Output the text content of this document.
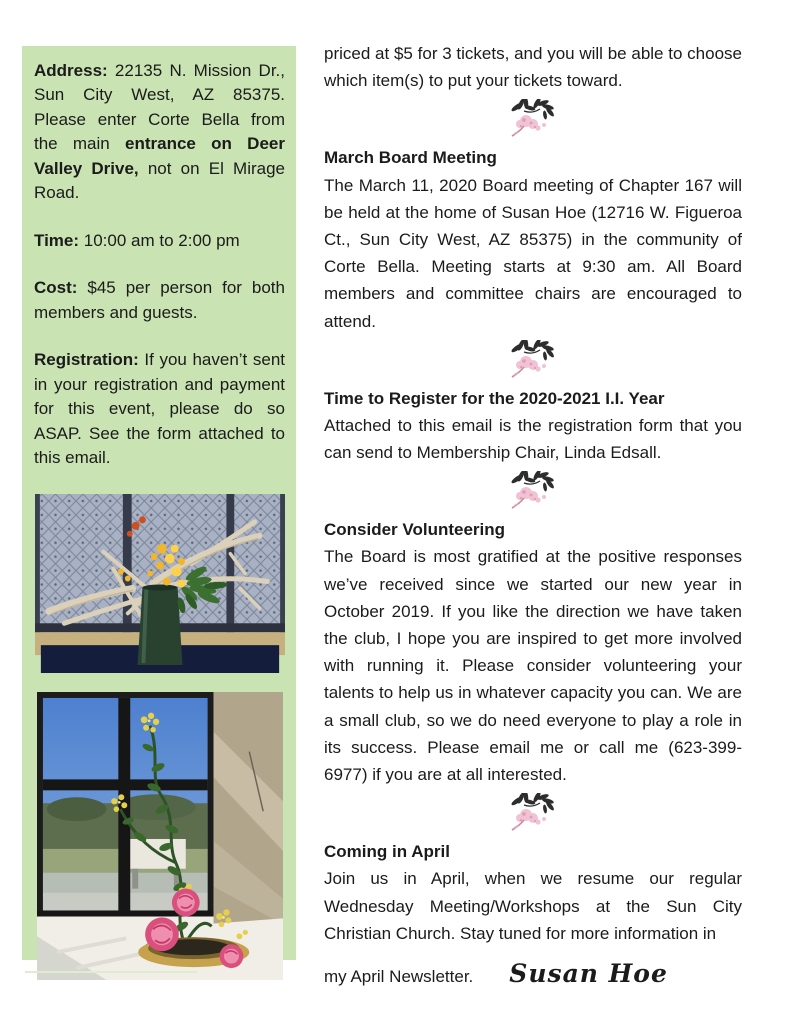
Address: 22135 N. Mission Dr., Sun City West, AZ 85375. Please enter Corte Bella from the main entrance on Deer Valley Drive, not on El Mirage Road.

Time: 10:00 am to 2:00 pm

Cost: $45 per person for both members and guests.

Registration: If you haven’t sent in your registration and payment for this event, please do so ASAP. See the form attached to this email.

priced at $5 for 3 tickets, and you will be able to choose which item(s) to put your tickets toward.

March Board Meeting

The March 11, 2020 Board meeting of Chapter 167 will be held at the home of Susan Hoe (12716 W. Figueroa Ct., Sun City West, AZ 85375) in the community of Corte Bella. Meeting starts at 9:30 am. All Board members and committee chairs are encouraged to attend.

Time to Register for the 2020-2021 I.I. Year

Attached to this email is the registration form that you can send to Membership Chair, Linda Edsall.

Consider Volunteering

The Board is most gratified at the positive responses we’ve received since we started our new year in October 2019. If you like the direction we have taken the club, I hope you are inspired to get more involved with running it. Please consider volunteering your talents to help us in whatever capacity you can. We are a small club, so we do need everyone to play a role in its success. Please email me or call me (623-399-6977) if you are at all interested.

Coming in April

Join us in April, when we resume our regular Wednesday Meeting/Workshops at the Sun City Christian Church. Stay tuned for more information in

my April Newsletter. Susan Hoe
